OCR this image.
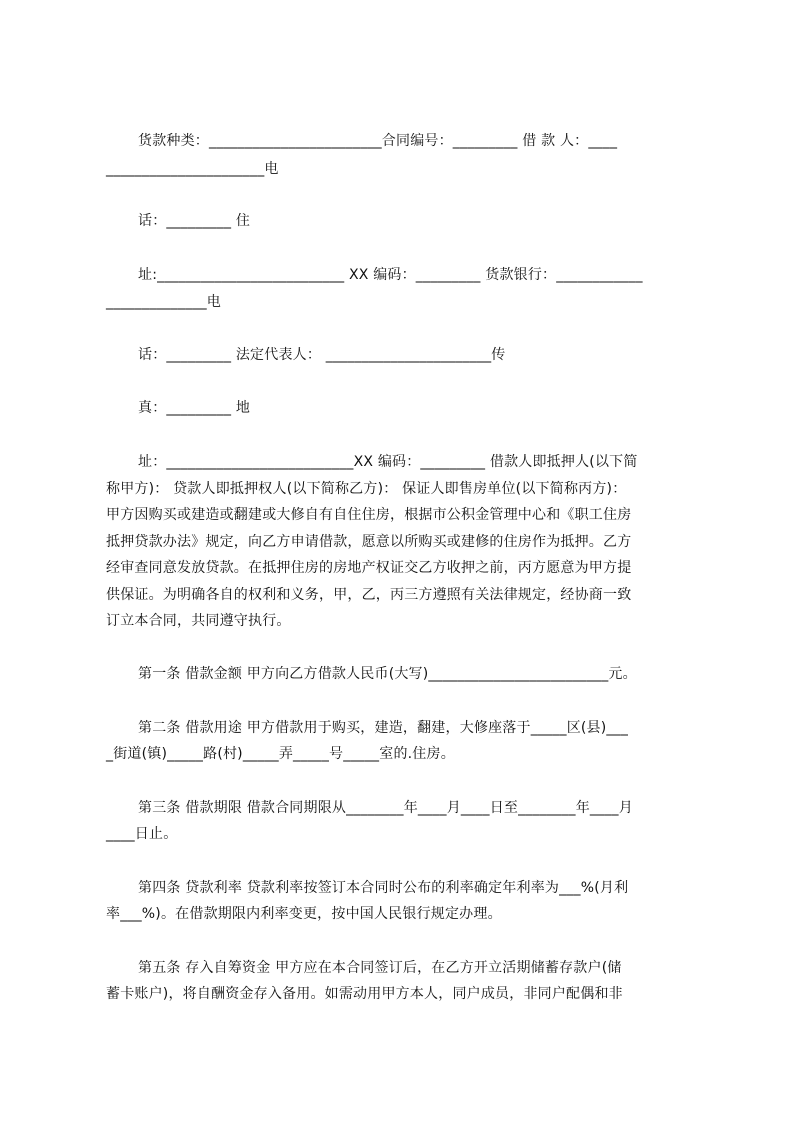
货款种类：________________________合同编号：_________ 借 款 人：____
______________________电
话：_________ 住
址:__________________________ XX 编码：_________ 货款银行：____________
______________电
话：_________ 法定代表人： _______________________传
真：_________ 地
址：__________________________XX 编码：_________ 借款人即抵押人(以下简
称甲方)： 贷款人即抵押权人(以下简称乙方)： 保证人即售房单位(以下简称丙方)：
甲方因购买或建造或翻建或大修自有自住住房，根据市公积金管理中心和《职工住房
抵押贷款办法》规定，向乙方申请借款，愿意以所购买或建修的住房作为抵押。乙方
经审查同意发放贷款。在抵押住房的房地产权证交乙方收押之前，丙方愿意为甲方提
供保证。为明确各自的权利和义务，甲，乙，丙三方遵照有关法律规定，经协商一致
订立本合同，共同遵守执行。
第一条 借款金额 甲方向乙方借款人民币(大写)_________________________元。
第二条 借款用途 甲方借款用于购买，建造，翻建，大修座落于_____区(县)___
_街道(镇)_____路(村)_____弄_____号_____室的.住房。
第三条 借款期限 借款合同期限从________年____月____日至________年____月
____日止。
第四条 贷款利率 贷款利率按签订本合同时公布的利率确定年利率为___%(月利
率___%)。在借款期限内利率变更，按中国人民银行规定办理。
第五条 存入自筹资金 甲方应在本合同签订后，在乙方开立活期储蓄存款户(储
蓄卡账户)，将自酬资金存入备用。如需动用甲方本人，同户成员，非同户配偶和非
